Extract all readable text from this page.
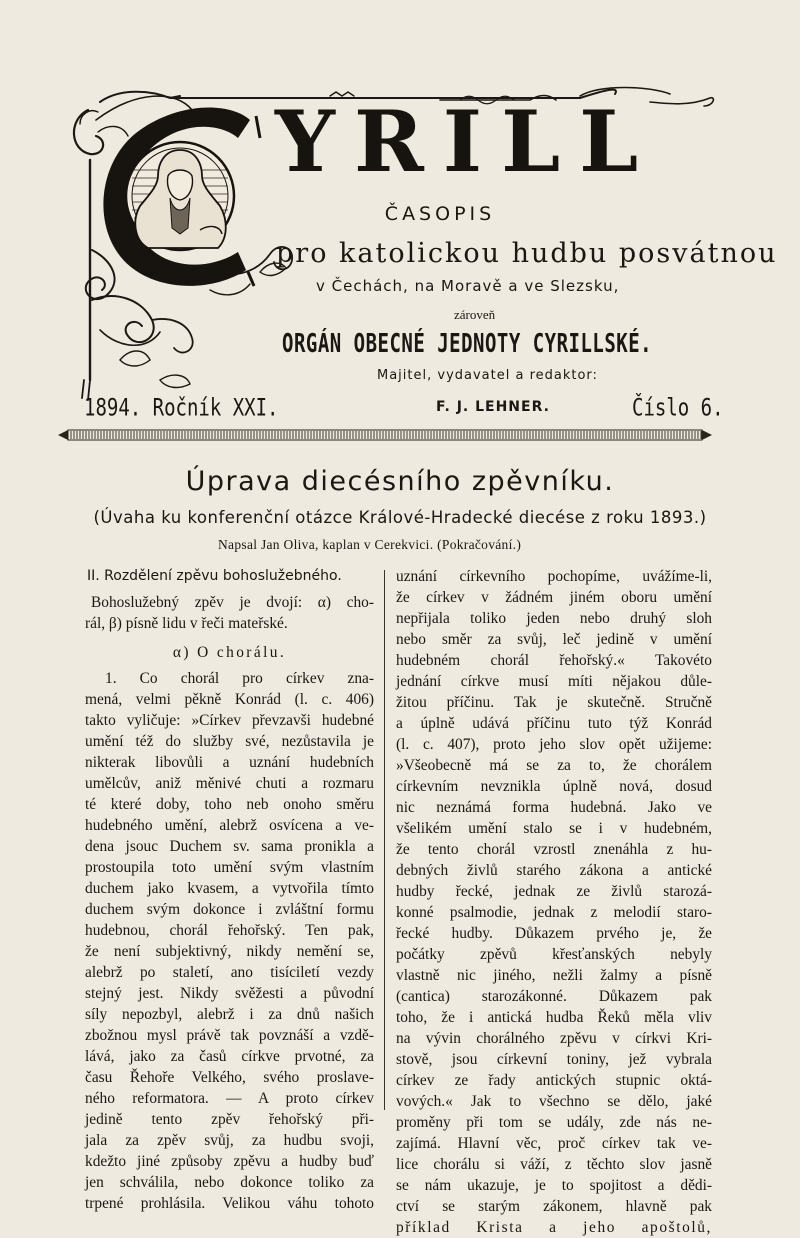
YRILL
ČASOPIS
pro katolickou hudbu posvátnou
v Čechách, na Moravě a ve Slezsku,
zároveň
ORGÁN OBECNÉ JEDNOTY CYRILLSKÉ.
Majitel, vydavatel a redaktor:
1894. Ročník XXI.	F. J. LEHNER.	Číslo 6.
Úprava diecésního zpěvníku.
(Úvaha ku konferenční otázce Králové-Hradecké diecése z roku 1893.)
Napsal Jan Oliva, kaplan v Cerekvici. (Pokračování.)
II. Rozdělení zpěvu bohoslužebného.
Bohoslužebný zpěv je dvojí: α) cho-
rál, β) písně lidu v řeči mateřské.
α) O chorálu.
1. Co chorál pro církev zna-
mená, velmi pěkně Konrád (l. c. 406)
takto vyličuje: »Církev převzavši hudebné
umění též do služby své, nezůstavila je
nikterak libovůli a uznání hudebních
umělcův, aniž měnivé chuti a rozmaru
té které doby, toho neb onoho směru
hudebného umění, alebrž osvícena a ve-
dena jsouc Duchem sv. sama pronikla a
prostoupila toto umění svým vlastním
duchem jako kvasem, a vytvořila tímto
duchem svým dokonce i zvláštní formu
hudebnou, chorál řehořský. Ten pak,
že není subjektivný, nikdy nemění se,
alebrž po staletí, ano tisíciletí vezdy
stejný jest. Nikdy svěžesti a původní
síly nepozbyl, alebrž i za dnů našich
zbožnou mysl právě tak povznáší a vzdě-
lává, jako za časů církve prvotné, za
času Řehoře Velkého, svého proslave-
ného reformatora. — A proto církev
jedině tento zpěv řehořský při-
jala za zpěv svůj, za hudbu svoji,
kdežto jiné způsoby zpěvu a hudby buď
jen schválila, nebo dokonce toliko za
trpené prohlásila. Velikou váhu tohoto
uznání církevního pochopíme, uvážíme-li,
že církev v žádném jiném oboru umění
nepřijala toliko jeden nebo druhý sloh
nebo směr za svůj, leč jedině v umění
hudebném chorál řehořský.« Takovéto
jednání církve musí míti nějakou důle-
žitou příčinu. Tak je skutečně. Stručně
a úplně udává příčinu tuto týž Konrád
(l. c. 407), proto jeho slov opět užijeme:
»Všeobecně má se za to, že chorálem
církevním nevznikla úplně nová, dosud
nic neznámá forma hudebná. Jako ve
všelikém umění stalo se i v hudebném,
že tento chorál vzrostl znenáhla z hu-
debných živlů starého zákona a antické
hudby řecké, jednak ze živlů starozá-
konné psalmodie, jednak z melodií staro-
řecké hudby. Důkazem prvého je, že
počátky zpěvů křesťanských nebyly
vlastně nic jiného, nežli žalmy a písně
(cantica) starozákonné. Důkazem pak
toho, že i antická hudba Řeků měla vliv
na vývin chorálného zpěvu v církvi Kri-
stově, jsou církevní toniny, jež vybrala
církev ze řady antických stupnic oktá-
vových.« Jak to všechno se dělo, jaké
proměny při tom se udály, zde nás ne-
zajímá. Hlavní věc, proč církev tak ve-
lice chorálu si váží, z těchto slov jasně
se nám ukazuje, je to spojitost a dědi-
ctví se starým zákonem, hlavně pak
příklad Krista a jeho apoštolů,
